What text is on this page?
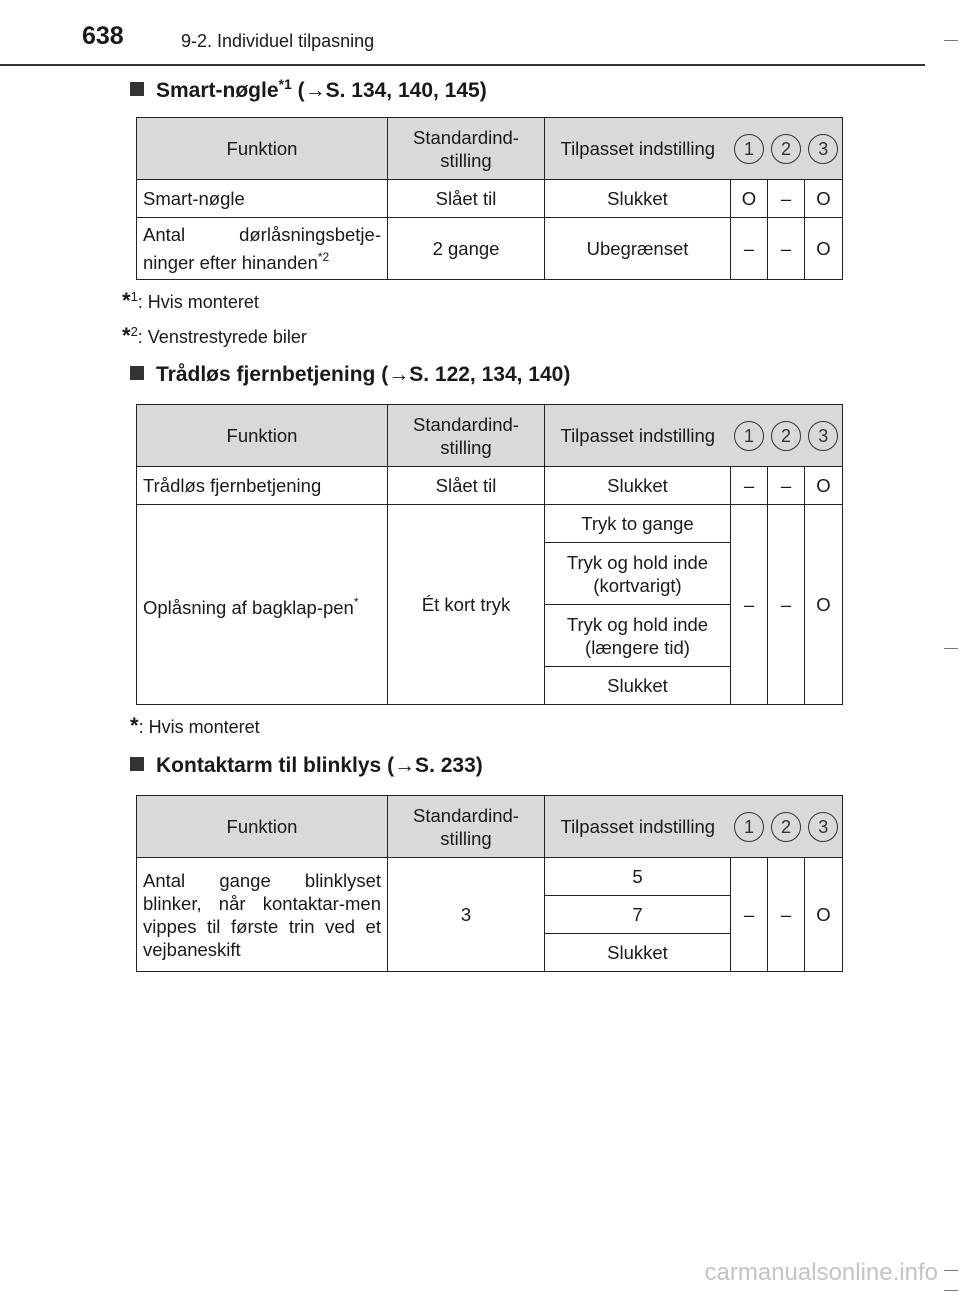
638	9-2. Individuel tilpasning
Smart-nøgle$^{*1}$ (→S. 134, 140, 145)
Funktion	Standardind-stilling	Tilpasset indstilling	1	2	3
Smart-nøgle	Slået til	Slukket	O	–	O
Antal dørlåsningsbetje-ninger efter hinanden$^{*2}$	2 gange	Ubegrænset	–	–	O
*$^1$: Hvis monteret
*$^2$: Venstrestyrede biler
Trådløs fjernbetjening (→S. 122, 134, 140)
Funktion	Standardind-stilling	Tilpasset indstilling	1	2	3
Trådløs fjernbetjening	Slået til	Slukket	–	–	O
Oplåsning af bagklap-pen*	Ét kort tryk	Tryk to gange	–	–	O
		Tryk og hold inde (kortvarigt)			
		Tryk og hold inde (længere tid)			
		Slukket			
*: Hvis monteret
Kontaktarm til blinklys (→S. 233)
Funktion	Standardind-stilling	Tilpasset indstilling	1	2	3
Antal gange blinklyset blinker, når kontaktar-men vippes til første trin ved et vejbaneskift	3	5	–	–	O
		7			
		Slukket			
carmanualsonline.info
